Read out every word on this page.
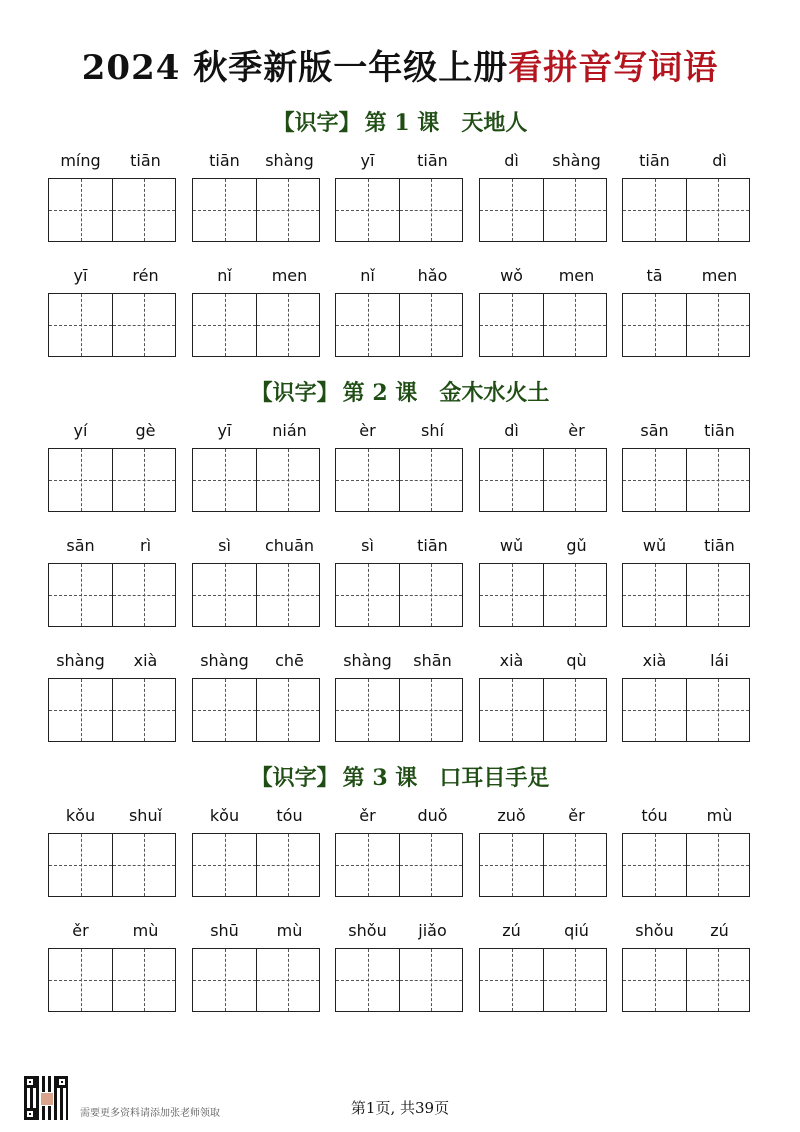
2024 秋季新版一年级上册看拼音写词语
【识字】 第 1 课 天地人
míng	tiān	tiān	shàng	yī	tiān	dì	shàng	tiān	dì
yī	rén	nǐ	men	nǐ	hǎo	wǒ	men	tā	men
【识字】 第 2 课 金木水火土
yí	gè	yī	nián	èr	shí	dì	èr	sān	tiān
sān	rì	sì	chuān	sì	tiān	wǔ	gǔ	wǔ	tiān
shàng	xià	shàng	chē	shàng	shān	xià	qù	xià	lái
【识字】 第 3 课 口耳目手足
kǒu	shuǐ	kǒu	tóu	ěr	duǒ	zuǒ	ěr	tóu	mù
ěr	mù	shū	mù	shǒu	jiǎo	zú	qiú	shǒu	zú
需要更多资料请添加张老师领取	第1页, 共39页
